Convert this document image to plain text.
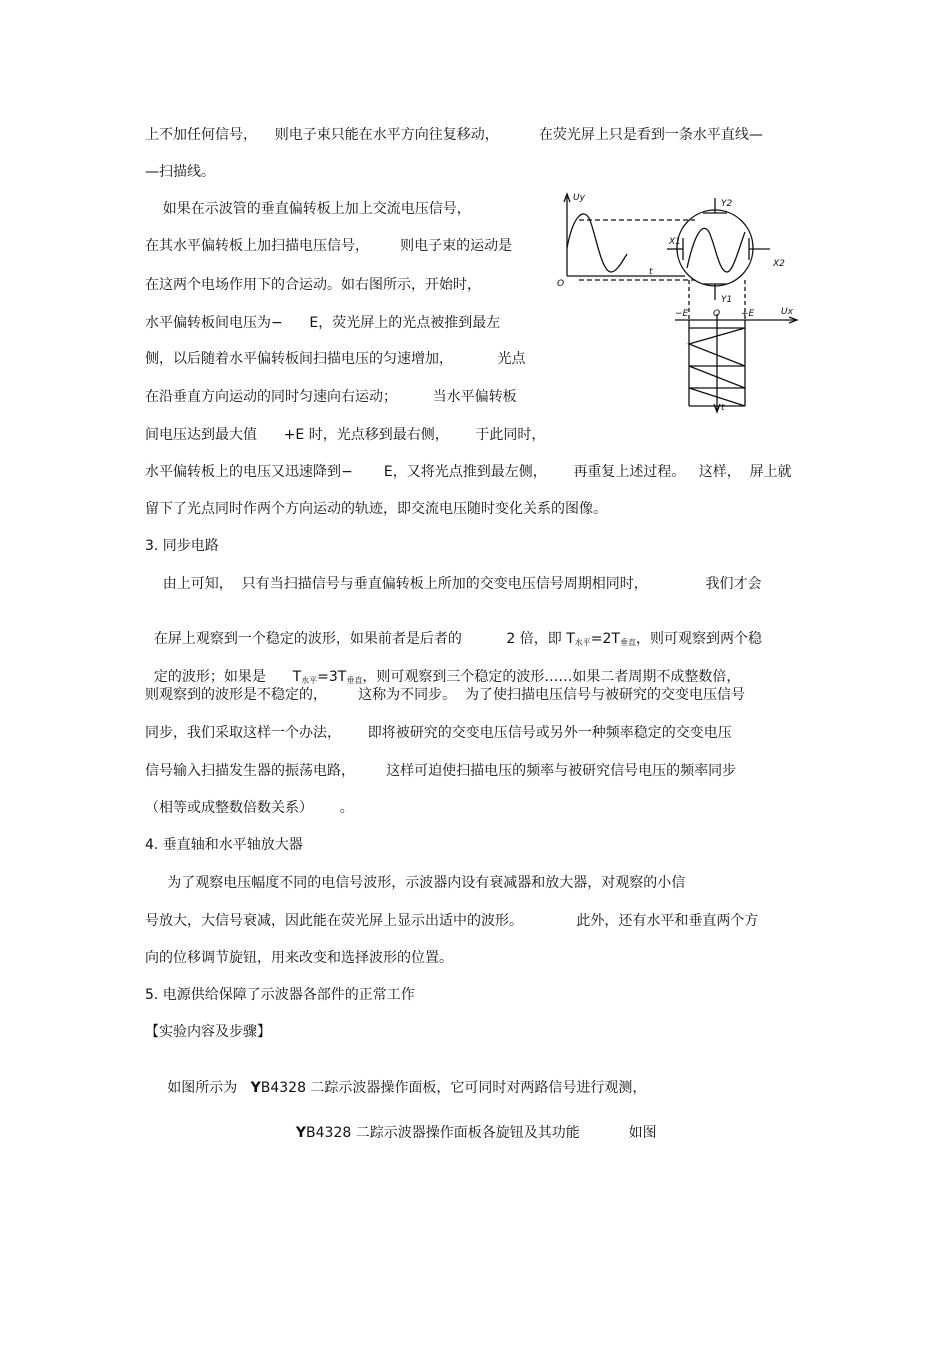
上不加任何信号，    则电子束只能在水平方向往复移动，         在荧光屏上只是看到一条水平直线—
—扫描线。
如果在示波管的垂直偏转板上加上交流电压信号，
在其水平偏转板上加扫描电压信号，       则电子束的运动是
在这两个电场作用下的合运动。如右图所示，开始时，
水平偏转板间电压为−      E，荧光屏上的光点被推到最左
侧，以后随着水平偏转板间扫描电压的匀速增加，          光点
在沿垂直方向运动的同时匀速向右运动；        当水平偏转板
间电压达到最大值      +E 时，光点移到最右侧，      于此同时，
水平偏转板上的电压又迅速降到−       E，又将光点推到最左侧，      再重复上述过程。   这样，  屏上就
留下了光点同时作两个方向运动的轨迹，即交流电压随时变化关系的图像。
3. 同步电路
由上可知，  只有当扫描信号与垂直偏转板上所加的交变电压信号周期相同时，             我们才会

在屏上观察到一个稳定的波形，如果前者是后者的          2 倍，即 $T_{水平}=2T_{垂直}$，则可观察到两个稳

定的波形；如果是      $T_{水平}=3T_{垂直}$，则可观察到三个稳定的波形……如果二者周期不成整数倍，

则观察到的波形是不稳定的，       这称为不同步。  为了使扫描电压信号与被研究的交变电压信号
同步，我们采取这样一个办法，      即将被研究的交变电压信号或另外一种频率稳定的交变电压
信号输入扫描发生器的振荡电路，       这样可迫使扫描电压的频率与被研究信号电压的频率同步
（相等或成整数倍数关系）      。
4. 垂直轴和水平轴放大器
为了观察电压幅度不同的电信号波形，示波器内设有衰减器和放大器，对观察的小信
号放大，大信号衰减，因此能在荧光屏上显示出适中的波形。            此外，还有水平和垂直两个方
向的位移调节旋钮，用来改变和选择波形的位置。
5. 电源供给保障了示波器各部件的正常工作
【实验内容及步骤】

如图所示为   YB4328 二踪示波器操作面板，它可同时对两路信号进行观测，

YB4328 二踪示波器操作面板各旋钮及其功能           如图

Uy
O
t
Y2
Y1
X1
X2
−E	O +E	Ux
t
